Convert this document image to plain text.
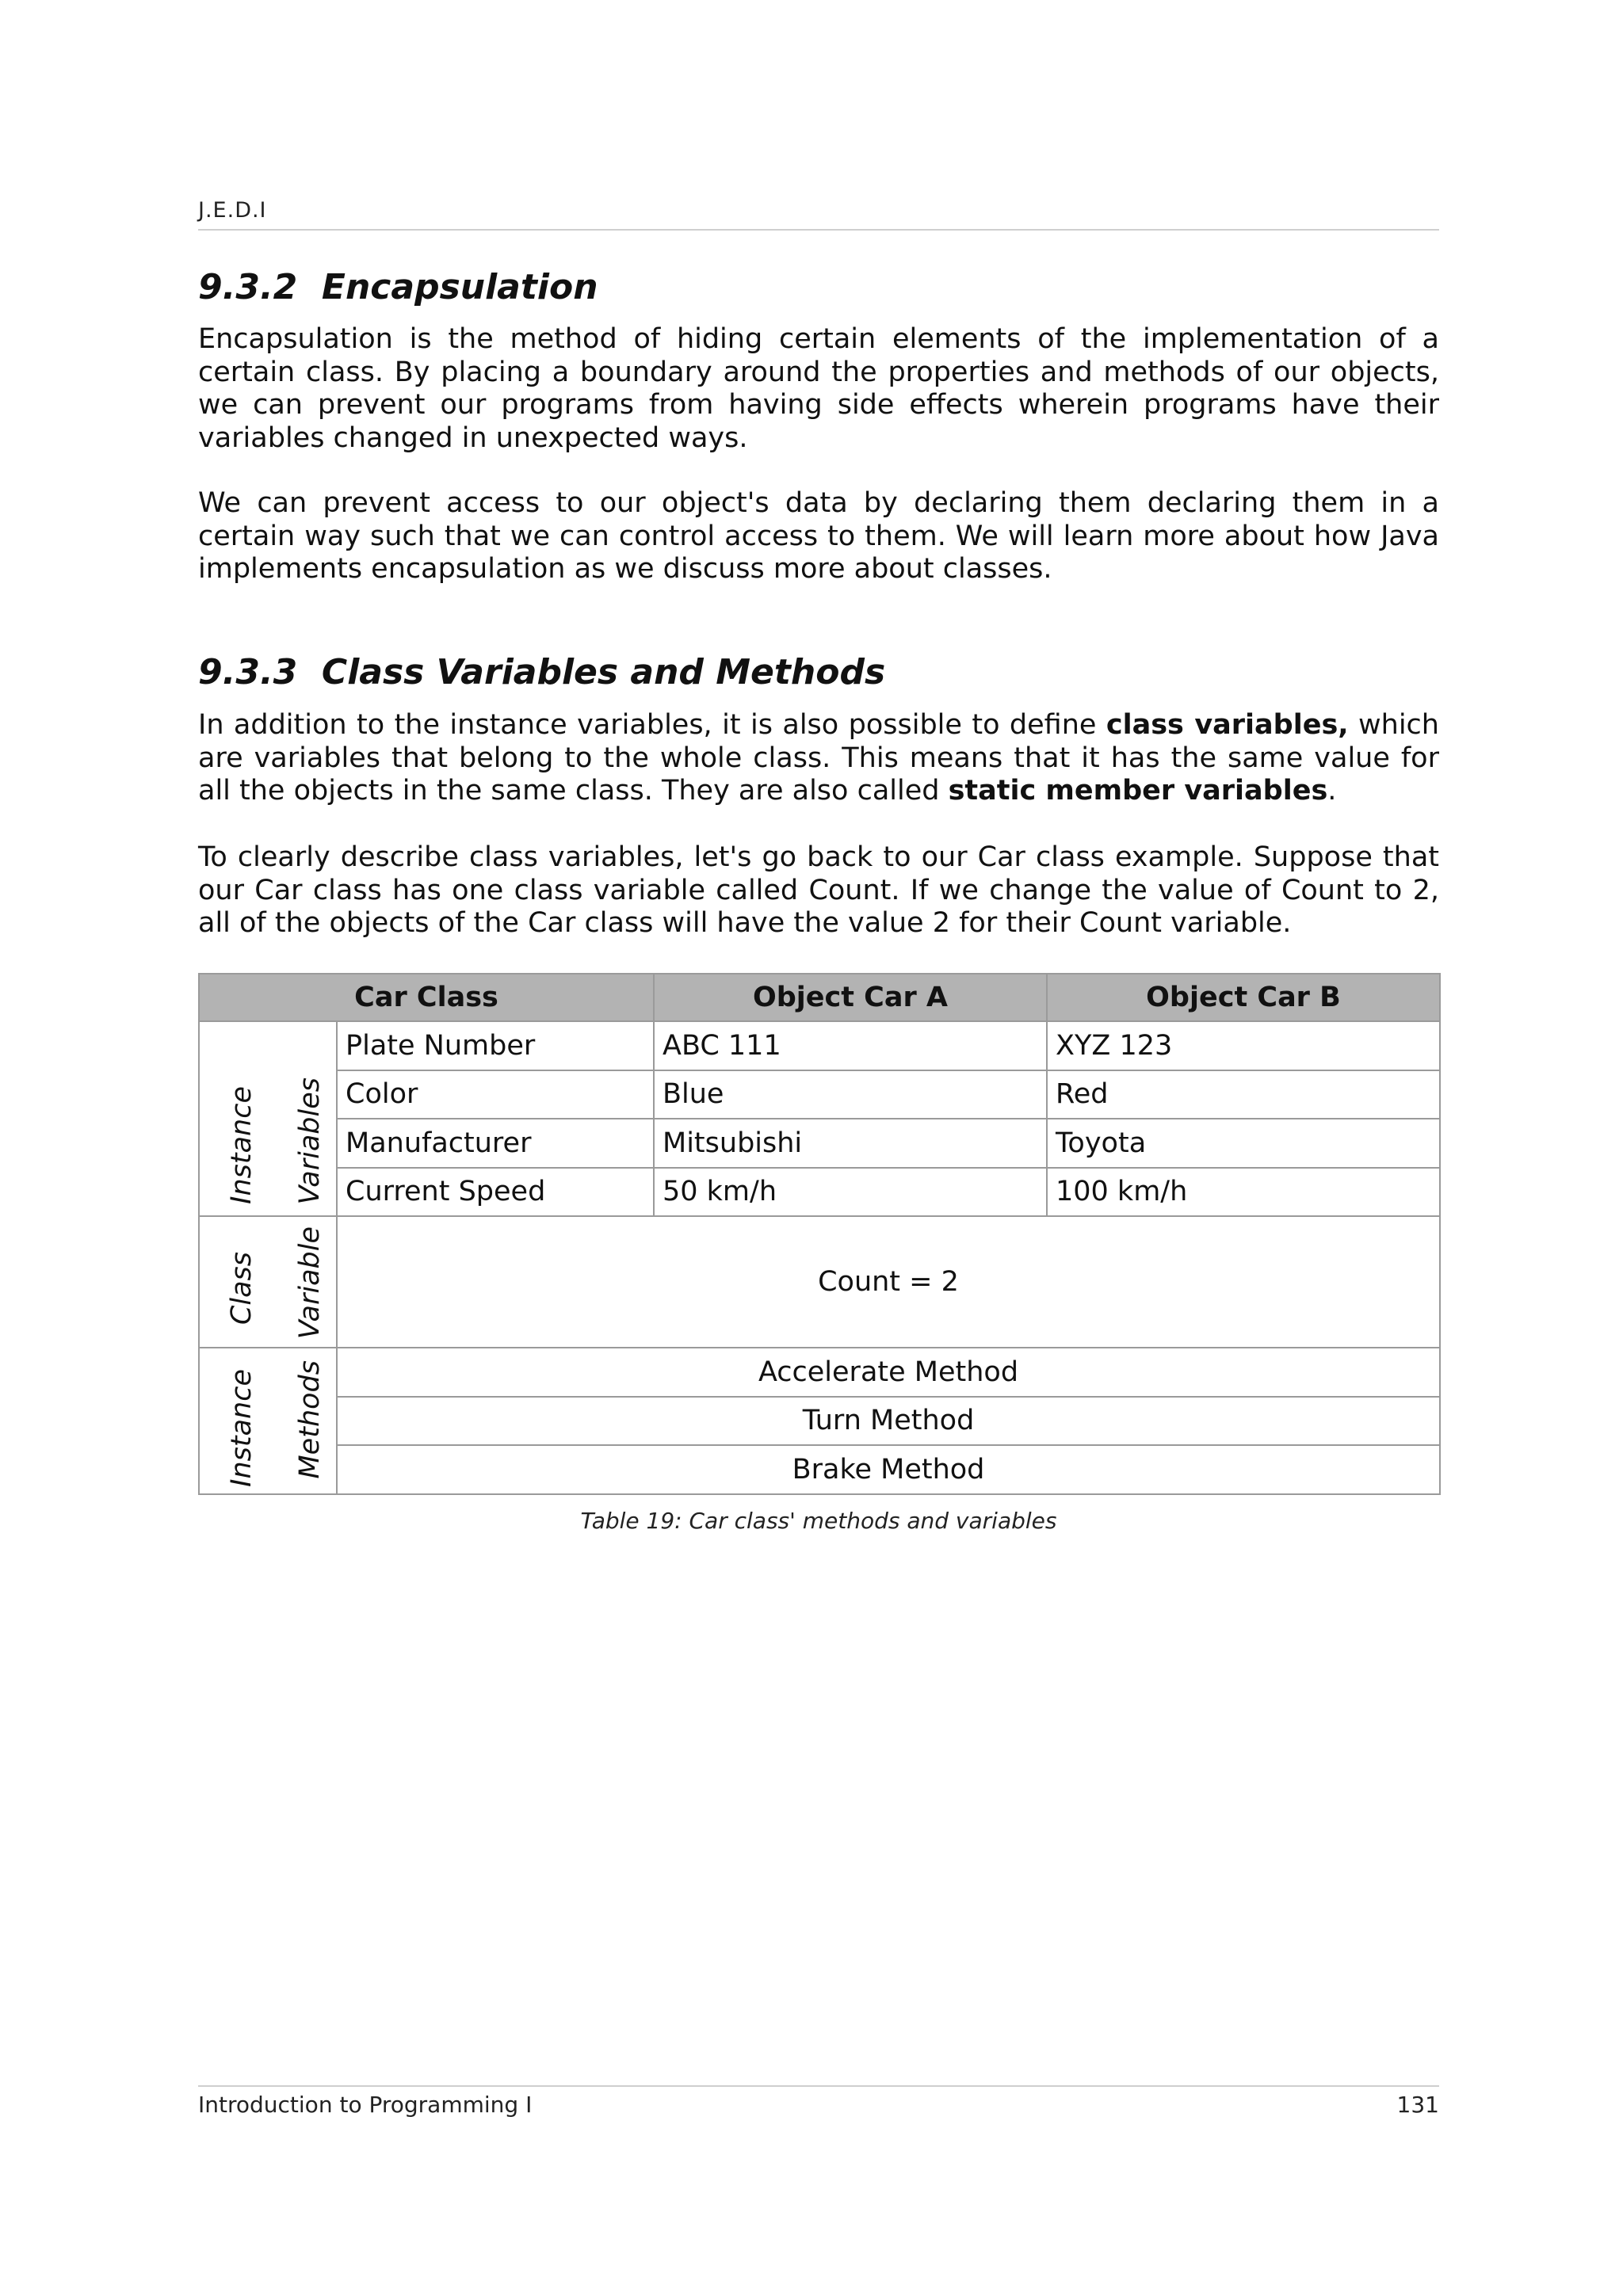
J.E.D.I
9.3.2  Encapsulation

Encapsulation is the method of hiding certain elements of the implementation of a certain class. By placing a boundary around the properties and methods of our objects, we can prevent our programs from having side effects wherein programs have their variables changed in unexpected ways.

We can prevent access to our object's data by declaring them declaring them in a certain way such that we can control access to them. We will learn more about how Java implements encapsulation as we discuss more about classes.

9.3.3  Class Variables and Methods

In addition to the instance variables, it is also possible to define class variables, which are variables that belong to the whole class. This means that it has the same value for all the objects in the same class. They are also called static member variables.

To clearly describe class variables, let's go back to our Car class example. Suppose that our Car class has one class variable called Count. If we change the value of Count to 2, all of the objects of the Car class will have the value 2 for their Count variable.

Car Class		Object Car A	Object Car B

Instance Variables	Plate Number	ABC 111	XYZ 123
	Color	Blue	Red
	Manufacturer	Mitsubishi	Toyota
	Current Speed	50 km/h	100 km/h

Class Variable	Count = 2		

Instance Methods	Accelerate Method		
	Turn Method		
	Brake Method		
Table 19: Car class' methods and variables
Introduction to Programming I	131
